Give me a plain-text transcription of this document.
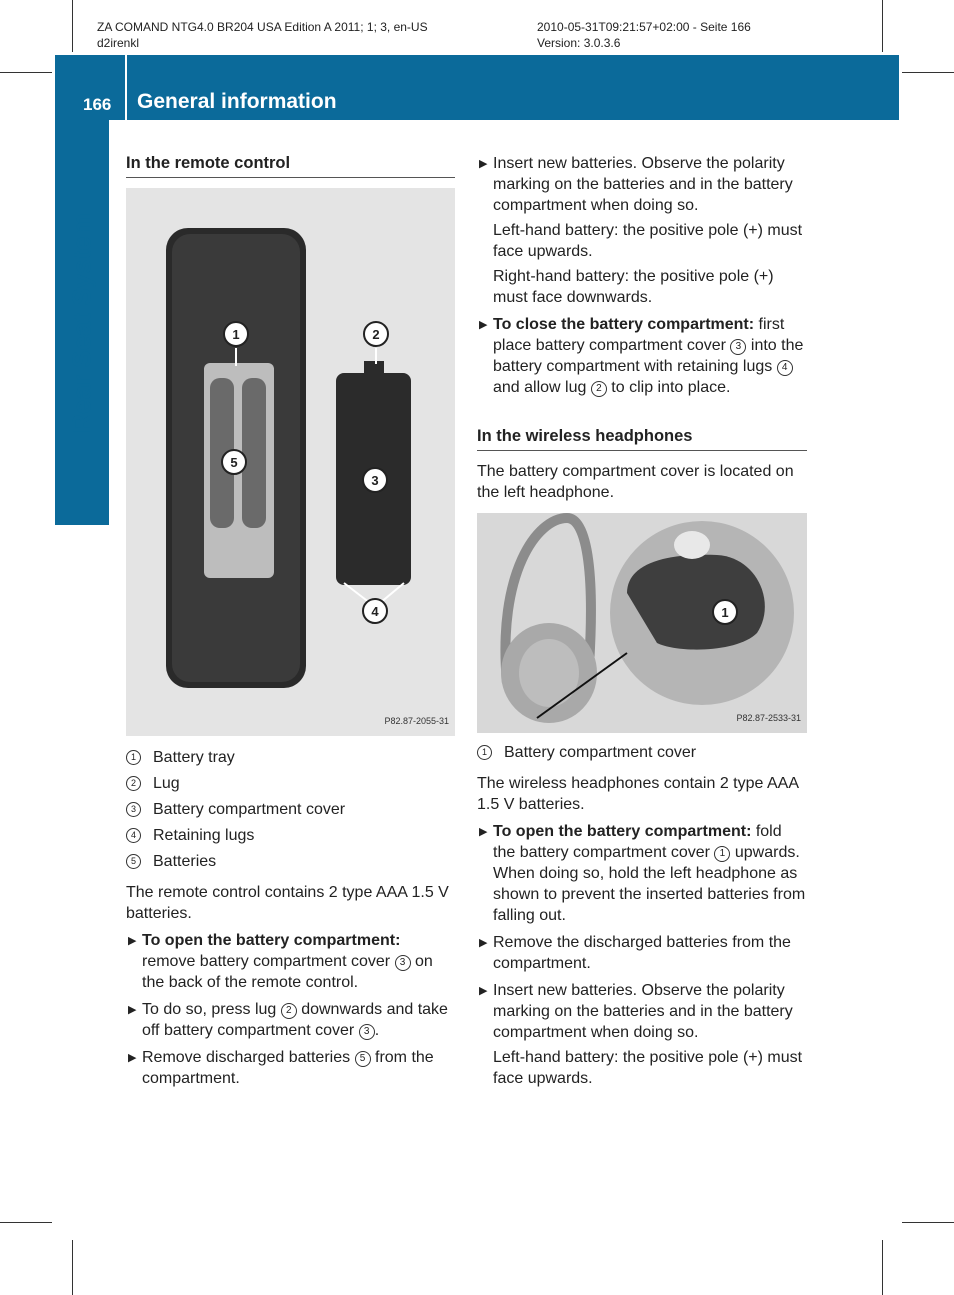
ZA COMAND NTG4.0 BR204 USA Edition A 2011; 1; 3, en-US
d2irenkl
2010-05-31T09:21:57+02:00 - Seite 166
Version: 3.0.3.6
166 General information
Rear Seat System
In the remote control
1	2
3
4
5
P82.87-2055-31
1	Battery tray
2	Lug
3	Battery compartment cover
4	Retaining lugs
5	Batteries

The remote control contains 2 type AAA 1.5 V batteries.

▶ To open the battery compartment: remove battery compartment cover 3 on the back of the remote control.
▶ To do so, press lug 2 downwards and take off battery compartment cover 3 .
▶ Remove discharged batteries 5 from the compartment.
▶ Insert new batteries. Observe the polarity marking on the batteries and in the battery compartment when doing so.

Left-hand battery: the positive pole (+) must face upwards.

Right-hand battery: the positive pole (+) must face downwards.

▶ To close the battery compartment: first place battery compartment cover 3 into the battery compartment with retaining lugs 4 and allow lug 2 to clip into place.
In the wireless headphones

The battery compartment cover is located on the left headphone.

1
P82.87-2533-31
1	Battery compartment cover

The wireless headphones contain 2 type AAA 1.5 V batteries.

▶ To open the battery compartment: fold the battery compartment cover 1 upwards. When doing so, hold the left headphone as shown to prevent the inserted batteries from falling out.
▶ Remove the discharged batteries from the compartment.
▶ Insert new batteries. Observe the polarity marking on the batteries and in the battery compartment when doing so.

Left-hand battery: the positive pole (+) must face upwards.
